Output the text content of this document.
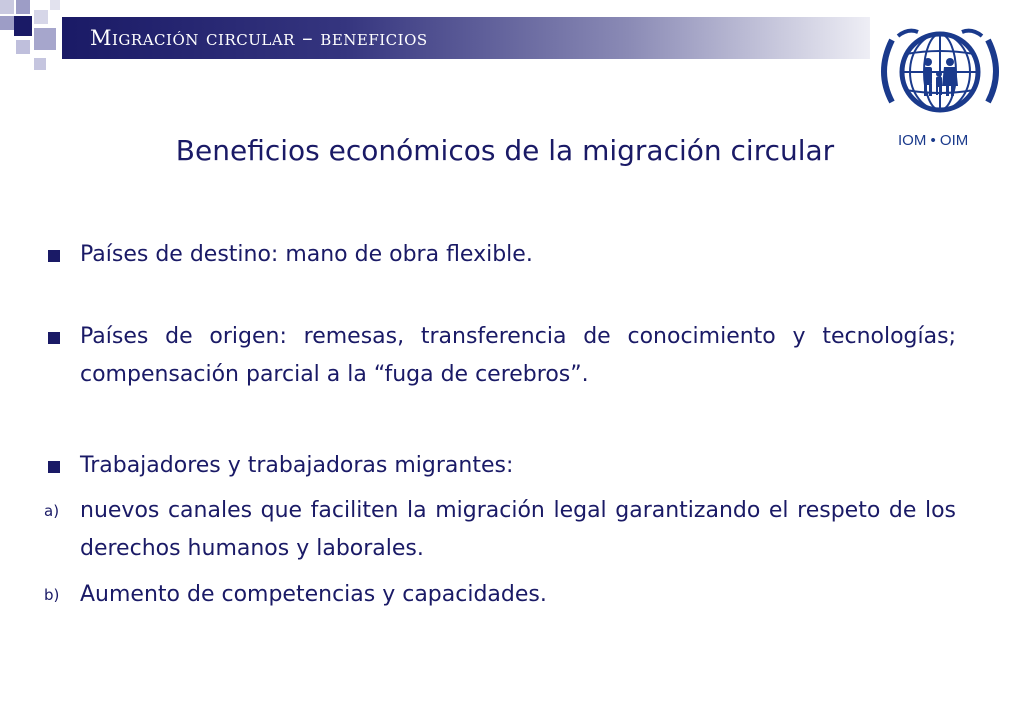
Migración circular – beneficios
IOM • OIM
Beneficios económicos de la migración circular
Países de destino: mano de obra flexible.
Países de origen: remesas, transferencia de conocimiento y tecnologías; compensación parcial a la “fuga de cerebros”.
Trabajadores y trabajadoras migrantes:
a) nuevos canales que faciliten la migración legal garantizando el respeto de los derechos humanos y laborales.
b) Aumento de competencias y capacidades.
